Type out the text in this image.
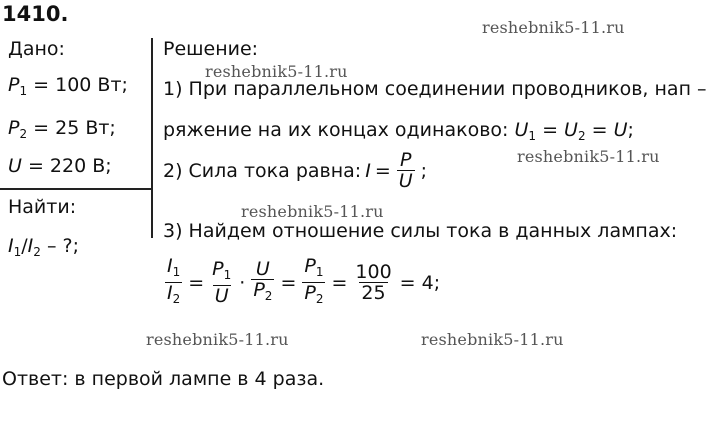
1410.
reshebnik5-11.ru
reshebnik5-11.ru
reshebnik5-11.ru
reshebnik5-11.ru
reshebnik5-11.ru	reshebnik5-11.ru
Дано:
$P_1 = 100$ Вт;
$P_2 = 25$ Вт;
U = 220 В;
Найти:
$I_1/I_2$ – ?;
Решение:
1) При параллельном соединении проводников, нап –
ряжение на их концах одинаково: $U_1 = U_2 = U$;
2) Сила тока равна: $I = \frac{P}{U}$ ;
3) Найдем отношение силы тока в данных лампах:
$\frac{I_1}{I_2} = \frac{P_1}{U} \cdot \frac{U}{P_2} = \frac{P_1}{P_2} = \frac{100}{25} = 4$;
Ответ: в первой лампе в 4 раза.
